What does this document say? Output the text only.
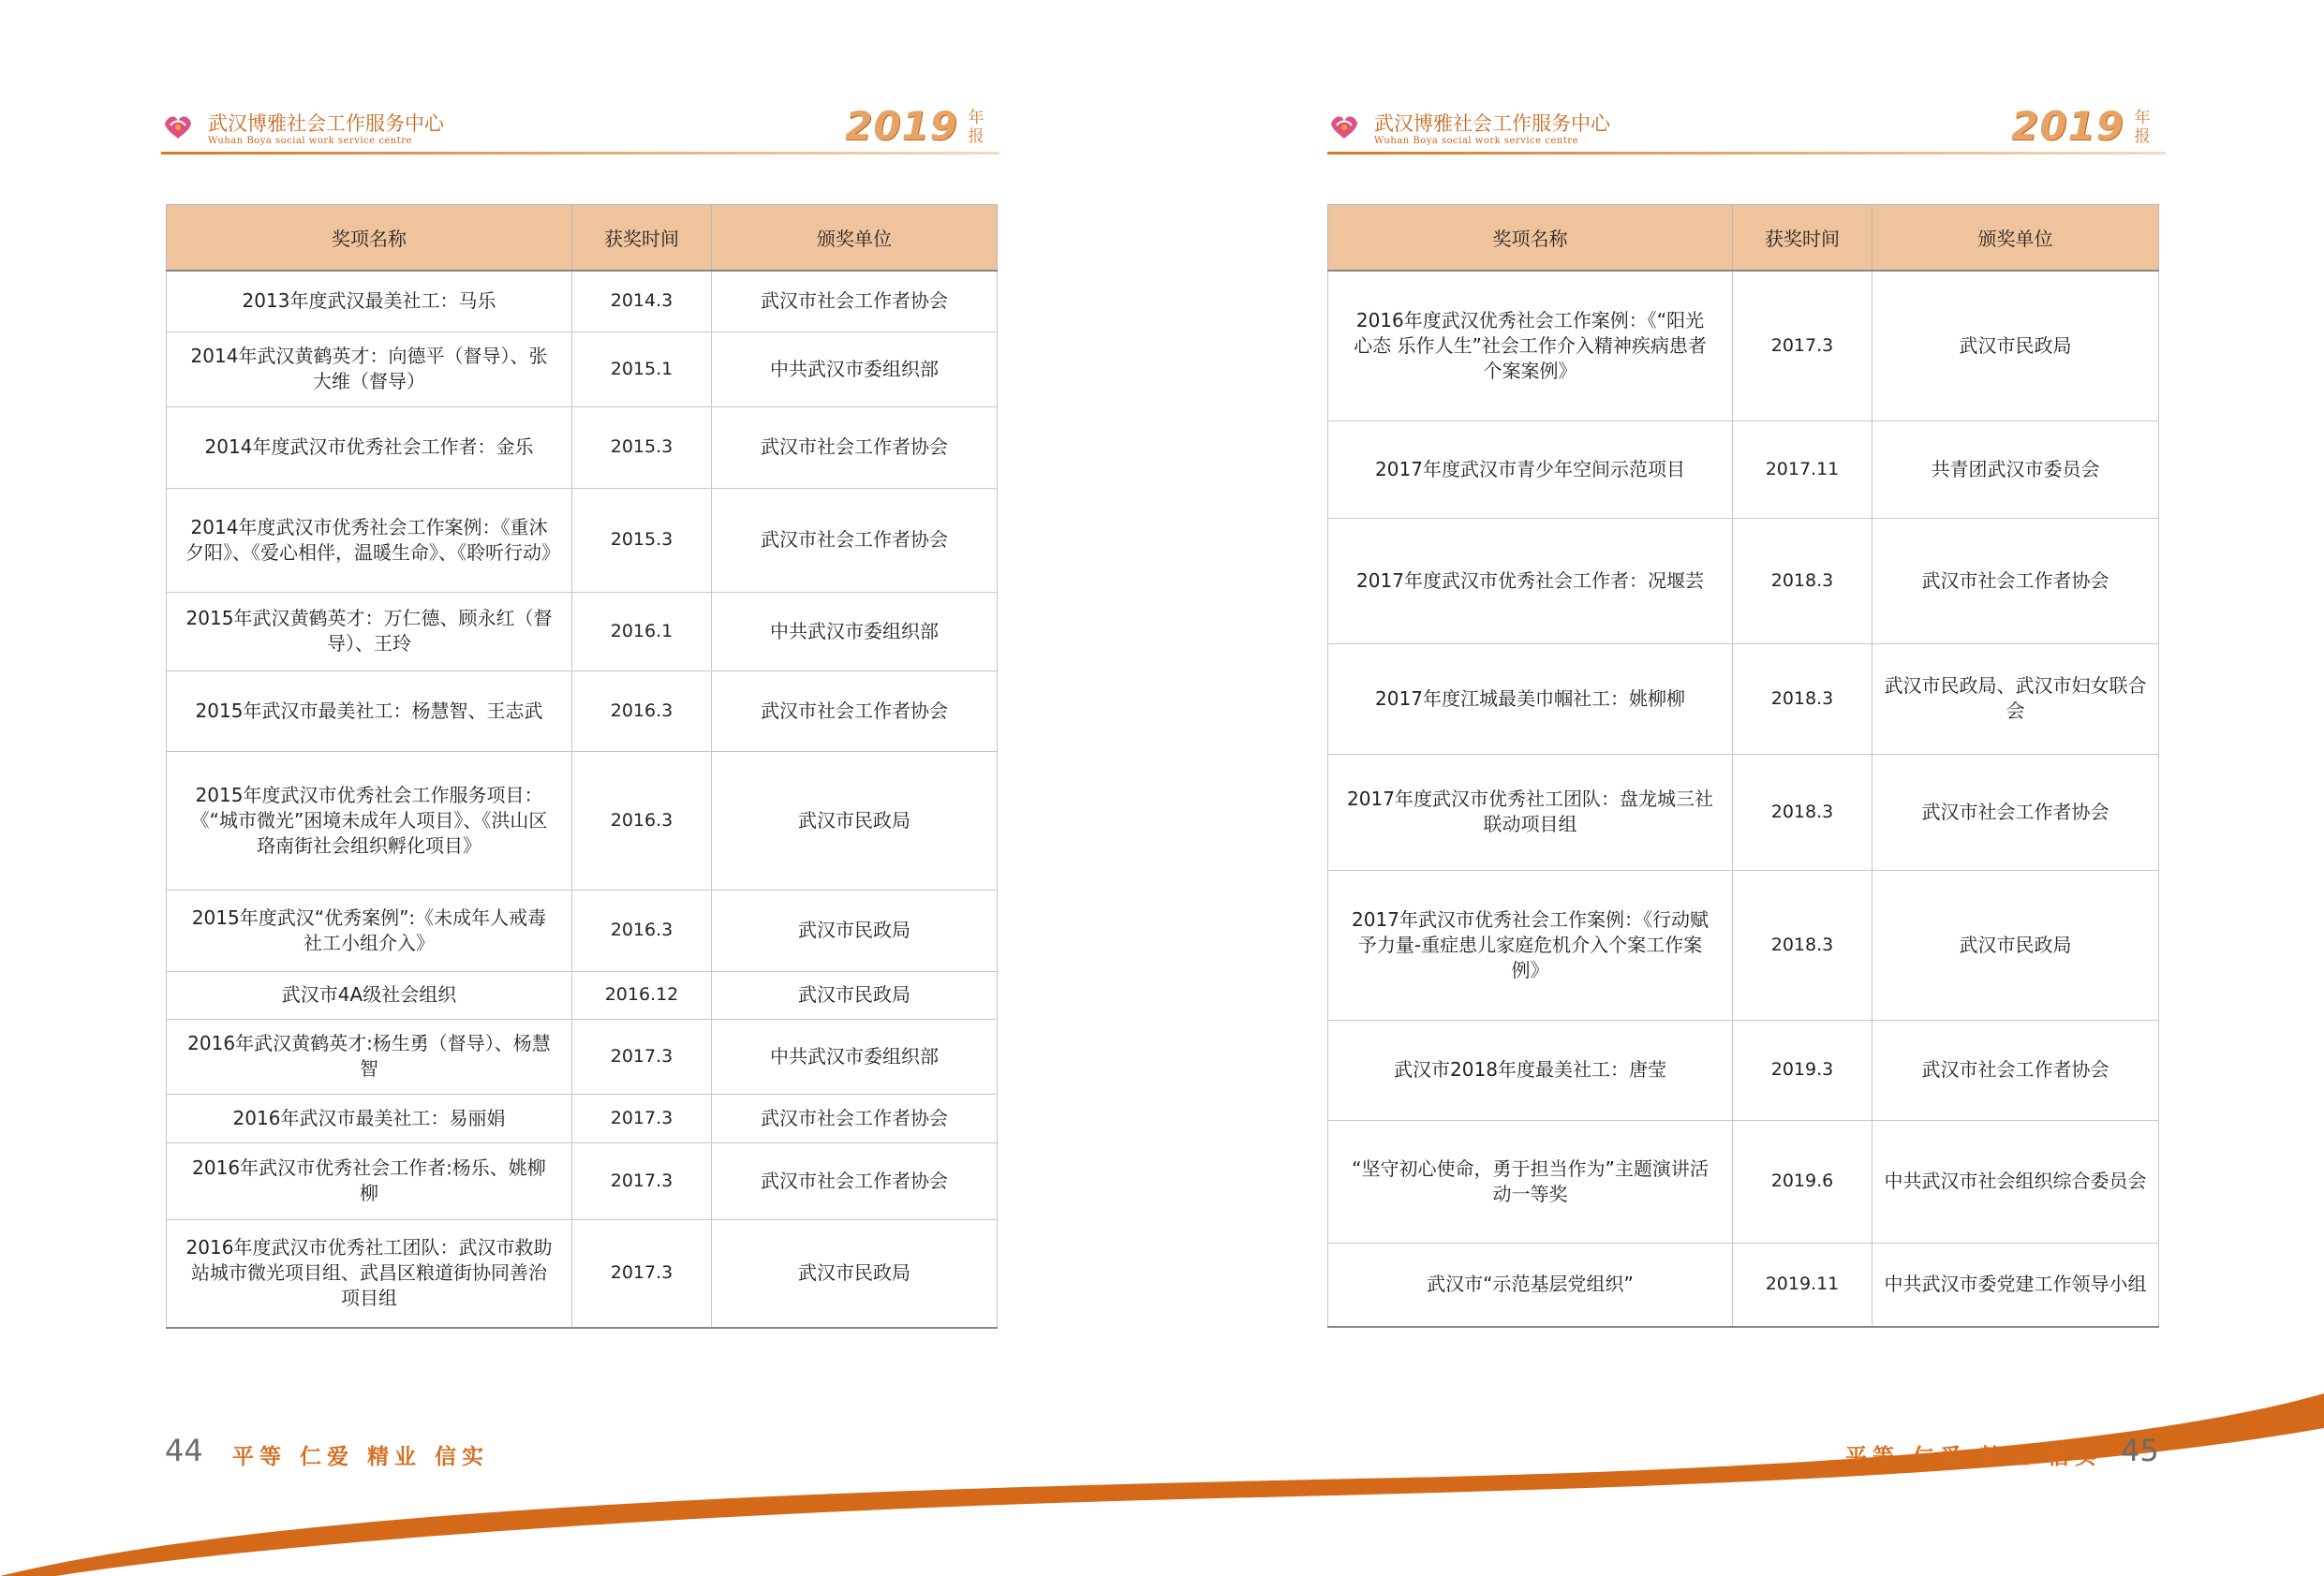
武汉博雅社会工作服务中心
Wuhan Boya social work service centre	2019 年报
奖项名称	获奖时间	颁奖单位
2013年度武汉最美社工：马乐	2014.3	武汉市社会工作者协会
2014年武汉黄鹤英才：向德平（督导）、张大维（督导）	2015.1	中共武汉市委组织部
2014年度武汉市优秀社会工作者：金乐	2015.3	武汉市社会工作者协会
2014年度武汉市优秀社会工作案例：《重沐夕阳》、《爱心相伴，温暖生命》、《聆听行动》	2015.3	武汉市社会工作者协会
2015年武汉黄鹤英才：万仁德、顾永红（督导）、王玲	2016.1	中共武汉市委组织部
2015年武汉市最美社工：杨慧智、王志武	2016.3	武汉市社会工作者协会
2015年度武汉市优秀社会工作服务项目：《“城市微光”困境未成年人项目》、《洪山区珞南街社会组织孵化项目》	2016.3	武汉市民政局
2015年度武汉“优秀案例”:《未成年人戒毒社工小组介入》	2016.3	武汉市民政局
武汉市4A级社会组织	2016.12	武汉市民政局
2016年武汉黄鹤英才:杨生勇（督导）、杨慧智	2017.3	中共武汉市委组织部
2016年武汉市最美社工：易丽娟	2017.3	武汉市社会工作者协会
2016年武汉市优秀社会工作者:杨乐、姚柳柳	2017.3	武汉市社会工作者协会
2016年度武汉市优秀社工团队：武汉市救助站城市微光项目组、武昌区粮道街协同善治项目组	2017.3	武汉市民政局
44 平等 仁爱 精业 信实
武汉博雅社会工作服务中心
Wuhan Boya social work service centre	2019 年报
奖项名称	获奖时间	颁奖单位
2016年度武汉优秀社会工作案例：《“阳光心态 乐作人生”社会工作介入精神疾病患者个案案例》	2017.3	武汉市民政局
2017年度武汉市青少年空间示范项目	2017.11	共青团武汉市委员会
2017年度武汉市优秀社会工作者：况堰芸	2018.3	武汉市社会工作者协会
2017年度江城最美巾帼社工：姚柳柳	2018.3	武汉市民政局、武汉市妇女联合会
2017年度武汉市优秀社工团队：盘龙城三社联动项目组	2018.3	武汉市社会工作者协会
2017年武汉市优秀社会工作案例：《行动赋予力量-重症患儿家庭危机介入个案工作案例》	2018.3	武汉市民政局
武汉市2018年度最美社工：唐莹	2019.3	武汉市社会工作者协会
“坚守初心使命，勇于担当作为”主题演讲活动一等奖	2019.6	中共武汉市社会组织综合委员会
武汉市“示范基层党组织”	2019.11	中共武汉市委党建工作领导小组
平等 仁爱 精业 信实 45
